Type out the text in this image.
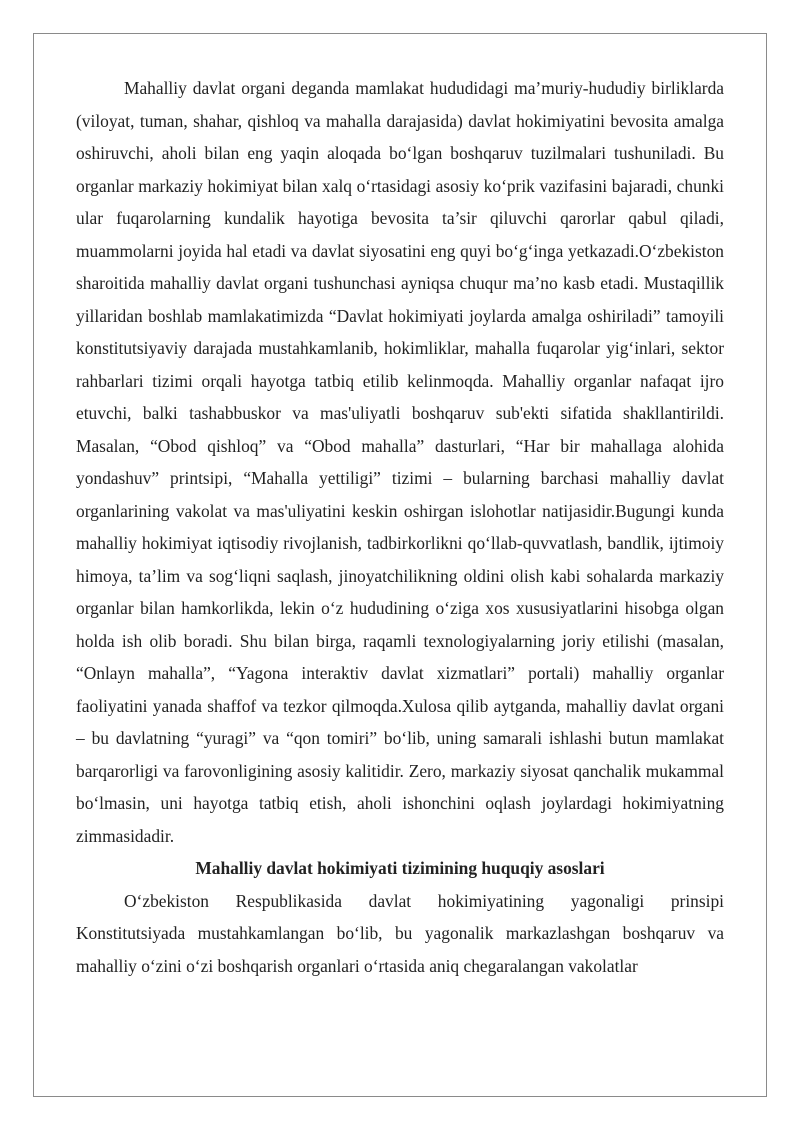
Mahalliy davlat organi deganda mamlakat hududidagi ma’muriy-hududiy birliklarda (viloyat, tuman, shahar, qishloq va mahalla darajasida) davlat hokimiyatini bevosita amalga oshiruvchi, aholi bilan eng yaqin aloqada bo‘lgan boshqaruv tuzilmalari tushuniladi. Bu organlar markaziy hokimiyat bilan xalq o‘rtasidagi asosiy ko‘prik vazifasini bajaradi, chunki ular fuqarolarning kundalik hayotiga bevosita ta’sir qiluvchi qarorlar qabul qiladi, muammolarni joyida hal etadi va davlat siyosatini eng quyi bo‘g‘inga yetkazadi.O‘zbekiston sharoitida mahalliy davlat organi tushunchasi ayniqsa chuqur ma’no kasb etadi. Mustaqillik yillaridan boshlab mamlakatimizda “Davlat hokimiyati joylarda amalga oshiriladi” tamoyili konstitutsiyaviy darajada mustahkamlanib, hokimliklar, mahalla fuqarolar yig‘inlari, sektor rahbarlari tizimi orqali hayotga tatbiq etilib kelinmoqda. Mahalliy organlar nafaqat ijro etuvchi, balki tashabbuskor va mas'uliyatli boshqaruv sub'ekti sifatida shakllantirildi. Masalan, “Obod qishloq” va “Obod mahalla” dasturlari, “Har bir mahallaga alohida yondashuv” printsipi, “Mahalla yettiligi” tizimi – bularning barchasi mahalliy davlat organlarining vakolat va mas'uliyatini keskin oshirgan islohotlar natijasidir.Bugungi kunda mahalliy hokimiyat iqtisodiy rivojlanish, tadbirkorlikni qo‘llab-quvvatlash, bandlik, ijtimoiy himoya, ta’lim va sog‘liqni saqlash, jinoyatchilikning oldini olish kabi sohalarda markaziy organlar bilan hamkorlikda, lekin o‘z hududining o‘ziga xos xususiyatlarini hisobga olgan holda ish olib boradi. Shu bilan birga, raqamli texnologiyalarning joriy etilishi (masalan, “Onlayn mahalla”, “Yagona interaktiv davlat xizmatlari” portali) mahalliy organlar faoliyatini yanada shaffof va tezkor qilmoqda.Xulosa qilib aytganda, mahalliy davlat organi – bu davlatning “yuragi” va “qon tomiri” bo‘lib, uning samarali ishlashi butun mamlakat barqarorligi va farovonligining asosiy kalitidir. Zero, markaziy siyosat qanchalik mukammal bo‘lmasin, uni hayotga tatbiq etish, aholi ishonchini oqlash joylardagi hokimiyatning zimmasidadir.

Mahalliy davlat hokimiyati tizimining huquqiy asoslari

O‘zbekiston Respublikasida davlat hokimiyatining yagonaligi prinsipi Konstitutsiyada mustahkamlangan bo‘lib, bu yagonalik markazlashgan boshqaruv va mahalliy o‘zini o‘zi boshqarish organlari o‘rtasida aniq chegaralangan vakolatlar
